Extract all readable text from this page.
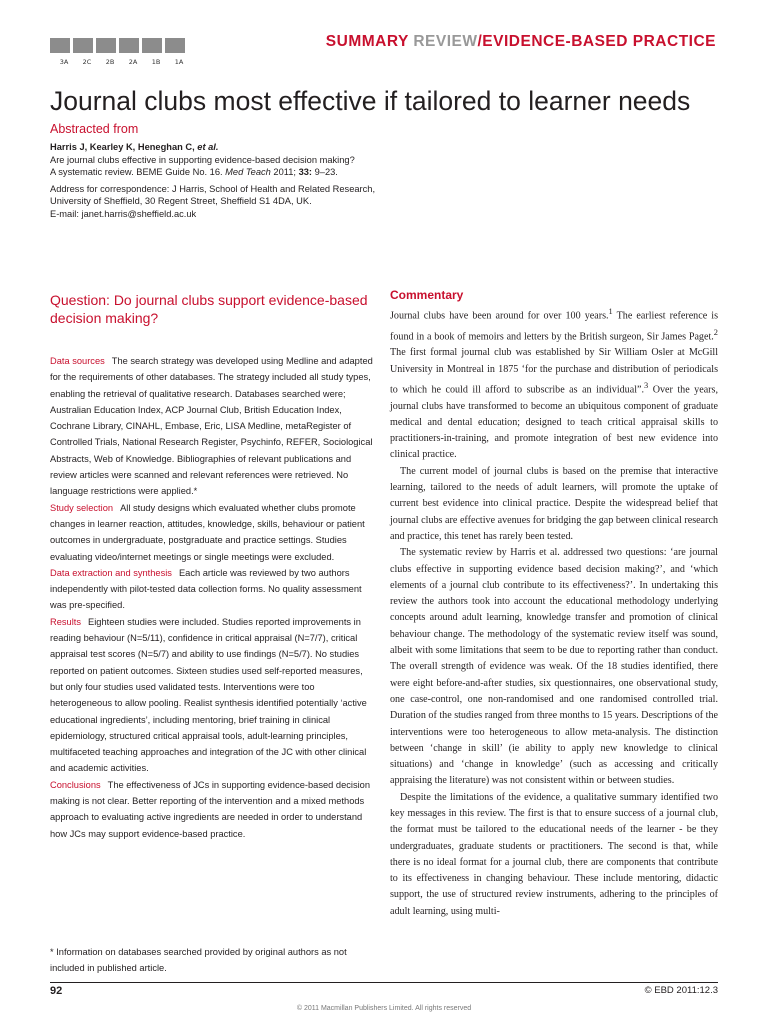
3A	2C	2B	2A	1B	1A
SUMMARY REVIEW/EVIDENCE-BASED PRACTICE
Journal clubs most effective if tailored to learner needs
Abstracted from
Harris J, Kearley K, Heneghan C, et al.
Are journal clubs effective in supporting evidence-based decision making?
A systematic review. BEME Guide No. 16. Med Teach 2011; 33: 9–23.
Address for correspondence: J Harris, School of Health and Related Research,
University of Sheffield, 30 Regent Street, Sheffield S1 4DA, UK.
E-mail: janet.harris@sheffield.ac.uk
Question: Do journal clubs support evidence-based decision making?

Data sources The search strategy was developed using Medline and adapted for the requirements of other databases. The strategy included all study types, enabling the retrieval of qualitative research. Databases searched were; Australian Education Index, ACP Journal Club, British Education Index, Cochrane Library, CINAHL, Embase, Eric, LISA Medline, metaRegister of Controlled Trials, National Research Register, Psychinfo, REFER, Sociological Abstracts, Web of Knowledge. Bibliographies of relevant publications and review articles were scanned and relevant references were retrieved. No language restrictions were applied.*

Study selection All study designs which evaluated whether clubs promote changes in learner reaction, attitudes, knowledge, skills, behaviour or patient outcomes in undergraduate, postgraduate and practice settings. Studies evaluating video/internet meetings or single meetings were excluded.

Data extraction and synthesis Each article was reviewed by two authors independently with pilot-tested data collection forms. No quality assessment was pre-specified.

Results Eighteen studies were included. Studies reported improvements in reading behaviour (N=5/11), confidence in critical appraisal (N=7/7), critical appraisal test scores (N=5/7) and ability to use findings (N=5/7). No studies reported on patient outcomes. Sixteen studies used self-reported measures, but only four studies used validated tests. Interventions were too heterogeneous to allow pooling. Realist synthesis identified potentially ‘active educational ingredients’, including mentoring, brief training in clinical epidemiology, structured critical appraisal tools, adult-learning principles, multifaceted teaching approaches and integration of the JC with other clinical and academic activities.

Conclusions The effectiveness of JCs in supporting evidence-based decision making is not clear. Better reporting of the intervention and a mixed methods approach to evaluating active ingredients are needed in order to understand how JCs may support evidence-based practice.

* Information on databases searched provided by original authors as not included in published article.
Commentary

Journal clubs have been around for over 100 years.$^1$ The earliest reference is found in a book of memoirs and letters by the British surgeon, Sir James Paget.$^2$ The first formal journal club was established by Sir William Osler at McGill University in Montreal in 1875 ‘for the purchase and distribution of periodicals to which he could ill afford to subscribe as an individual”.$^3$ Over the years, journal clubs have transformed to become an ubiquitous component of graduate medical and dental education; designed to teach critical appraisal skills to practitioners-in-training, and promote integration of best new evidence into clinical practice.

The current model of journal clubs is based on the premise that interactive learning, tailored to the needs of adult learners, will promote the uptake of current best evidence into clinical practice. Despite the widespread belief that journal clubs are effective avenues for bridging the gap between clinical research and practice, this tenet has rarely been tested.

The systematic review by Harris et al. addressed two questions: ‘are journal clubs effective in supporting evidence based decision making?’, and ‘which elements of a journal club contribute to its effectiveness?’. In undertaking this review the authors took into account the educational methodology underlying concepts around adult learning, knowledge transfer and promotion of clinical behaviour change. The methodology of the systematic review itself was sound, albeit with some limitations that seem to be due to reporting rather than conduct. The overall strength of evidence was weak. Of the 18 studies identified, there were eight before-and-after studies, six questionnaires, one observational study, one case-control, one non-randomised and one randomised controlled trial. Duration of the studies ranged from three months to 15 years. Descriptions of the interventions were too heterogeneous to allow meta-analysis. The distinction between ‘change in skill’ (ie ability to apply new knowledge to clinical situations) and ‘change in knowledge’ (such as accessing and critically appraising the literature) was not consistent within or between studies.

Despite the limitations of the evidence, a qualitative summary identified two key messages in this review. The first is that to ensure success of a journal club, the format must be tailored to the educational needs of the learner - be they undergraduates, graduate students or practitioners. The second is that, while there is no ideal format for a journal club, there are components that contribute to its effectiveness in changing behaviour. These include mentoring, didactic support, the use of structured review instruments, adhering to the principles of adult learning, using multi-

92	© EBD 2011:12.3
© 2011 Macmillan Publishers Limited. All rights reserved
